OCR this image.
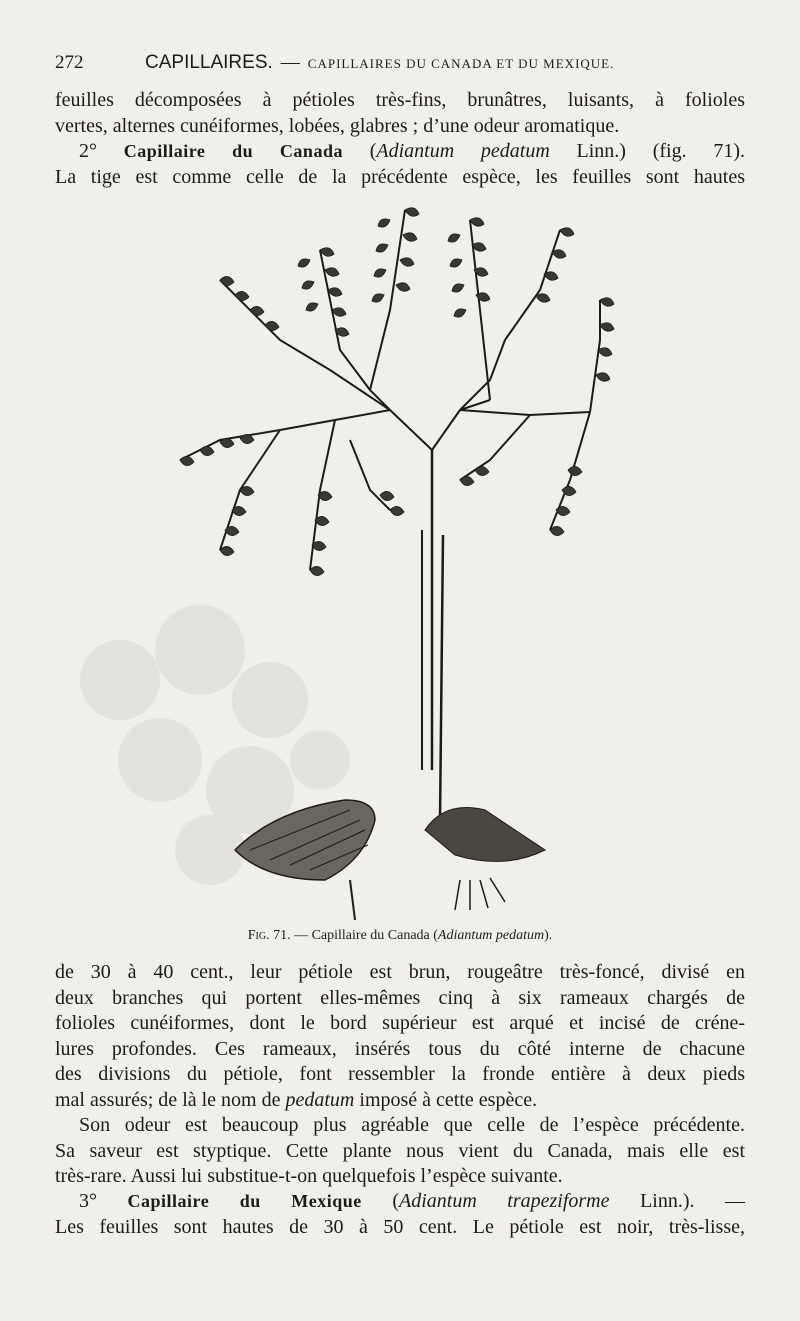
272	CAPILLAIRES. — CAPILLAIRES DU CANADA ET DU MEXIQUE.
feuilles décomposées à pétioles très-fins, brunâtres, luisants, à folioles
vertes, alternes cunéiformes, lobées, glabres ; d’une odeur aromatique.
2° Capillaire du Canada (Adiantum pedatum Linn.) (fig. 71).
La tige est comme celle de la précédente espèce, les feuilles sont hautes
Fig. 71. — Capillaire du Canada (Adiantum pedatum).
de 30 à 40 cent., leur pétiole est brun, rougeâtre très-foncé, divisé en
deux branches qui portent elles-mêmes cinq à six rameaux chargés de
folioles cunéiformes, dont le bord supérieur est arqué et incisé de créne-
lures profondes. Ces rameaux, insérés tous du côté interne de chacune
des divisions du pétiole, font ressembler la fronde entière à deux pieds
mal assurés; de là le nom de pedatum imposé à cette espèce.
Son odeur est beaucoup plus agréable que celle de l’espèce précédente.
Sa saveur est styptique. Cette plante nous vient du Canada, mais elle est
très-rare. Aussi lui substitue-t-on quelquefois l’espèce suivante.
3° Capillaire du Mexique (Adiantum trapeziforme Linn.). —
Les feuilles sont hautes de 30 à 50 cent. Le pétiole est noir, très-lisse,
